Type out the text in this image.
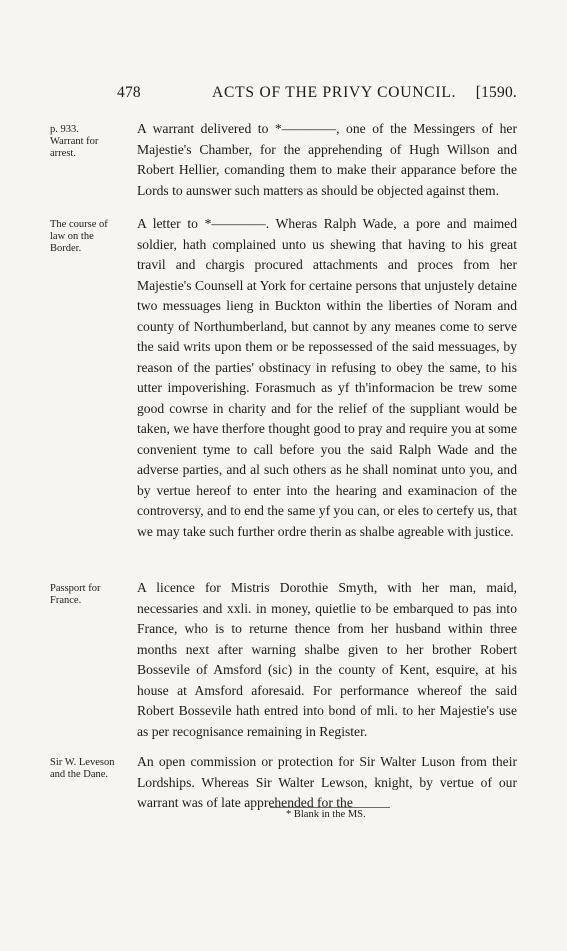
478	ACTS OF THE PRIVY COUNCIL. [1590.
p. 933.
Warrant for arrest.

A warrant delivered to *————, one of the Messingers of her Majestie's Chamber, for the apprehending of Hugh Willson and Robert Hellier, comanding them to make their apparance before the Lords to aunswer such matters as should be objected against them.

The course of law on the Border.

A letter to *————. Wheras Ralph Wade, a pore and maimed soldier, hath complained unto us shewing that having to his great travil and chargis procured attachments and proces from her Majestie's Counsell at York for certaine persons that unjustely detaine two messuages lieng in Buckton within the liberties of Noram and county of Northumberland, but cannot by any meanes come to serve the said writs upon them or be repossessed of the said messuages, by reason of the parties' obstinacy in refusing to obey the same, to his utter impoverishing. Forasmuch as yf th'informacion be trew some good cowrse in charity and for the relief of the suppliant would be taken, we have therfore thought good to pray and require you at some convenient tyme to call before you the said Ralph Wade and the adverse parties, and al such others as he shall nominat unto you, and by vertue hereof to enter into the hearing and examinacion of the controversy, and to end the same yf you can, or eles to certefy us, that we may take such further ordre therin as shalbe agreable with justice.

Passport for France.

A licence for Mistris Dorothie Smyth, with her man, maid, necessaries and xxli. in money, quietlie to be embarqued to pas into France, who is to returne thence from her husband within three months next after warning shalbe given to her brother Robert Bossevile of Amsford (sic) in the county of Kent, esquire, at his house at Amsford aforesaid. For performance whereof the said Robert Bossevile hath entred into bond of mli. to her Majestie's use as per recognisance remaining in Register.

Sir W. Leveson and the Dane.

An open commission or protection for Sir Walter Luson from their Lordships. Whereas Sir Walter Lewson, knight, by vertue of our warrant was of late apprehended for the

* Blank in the MS.
